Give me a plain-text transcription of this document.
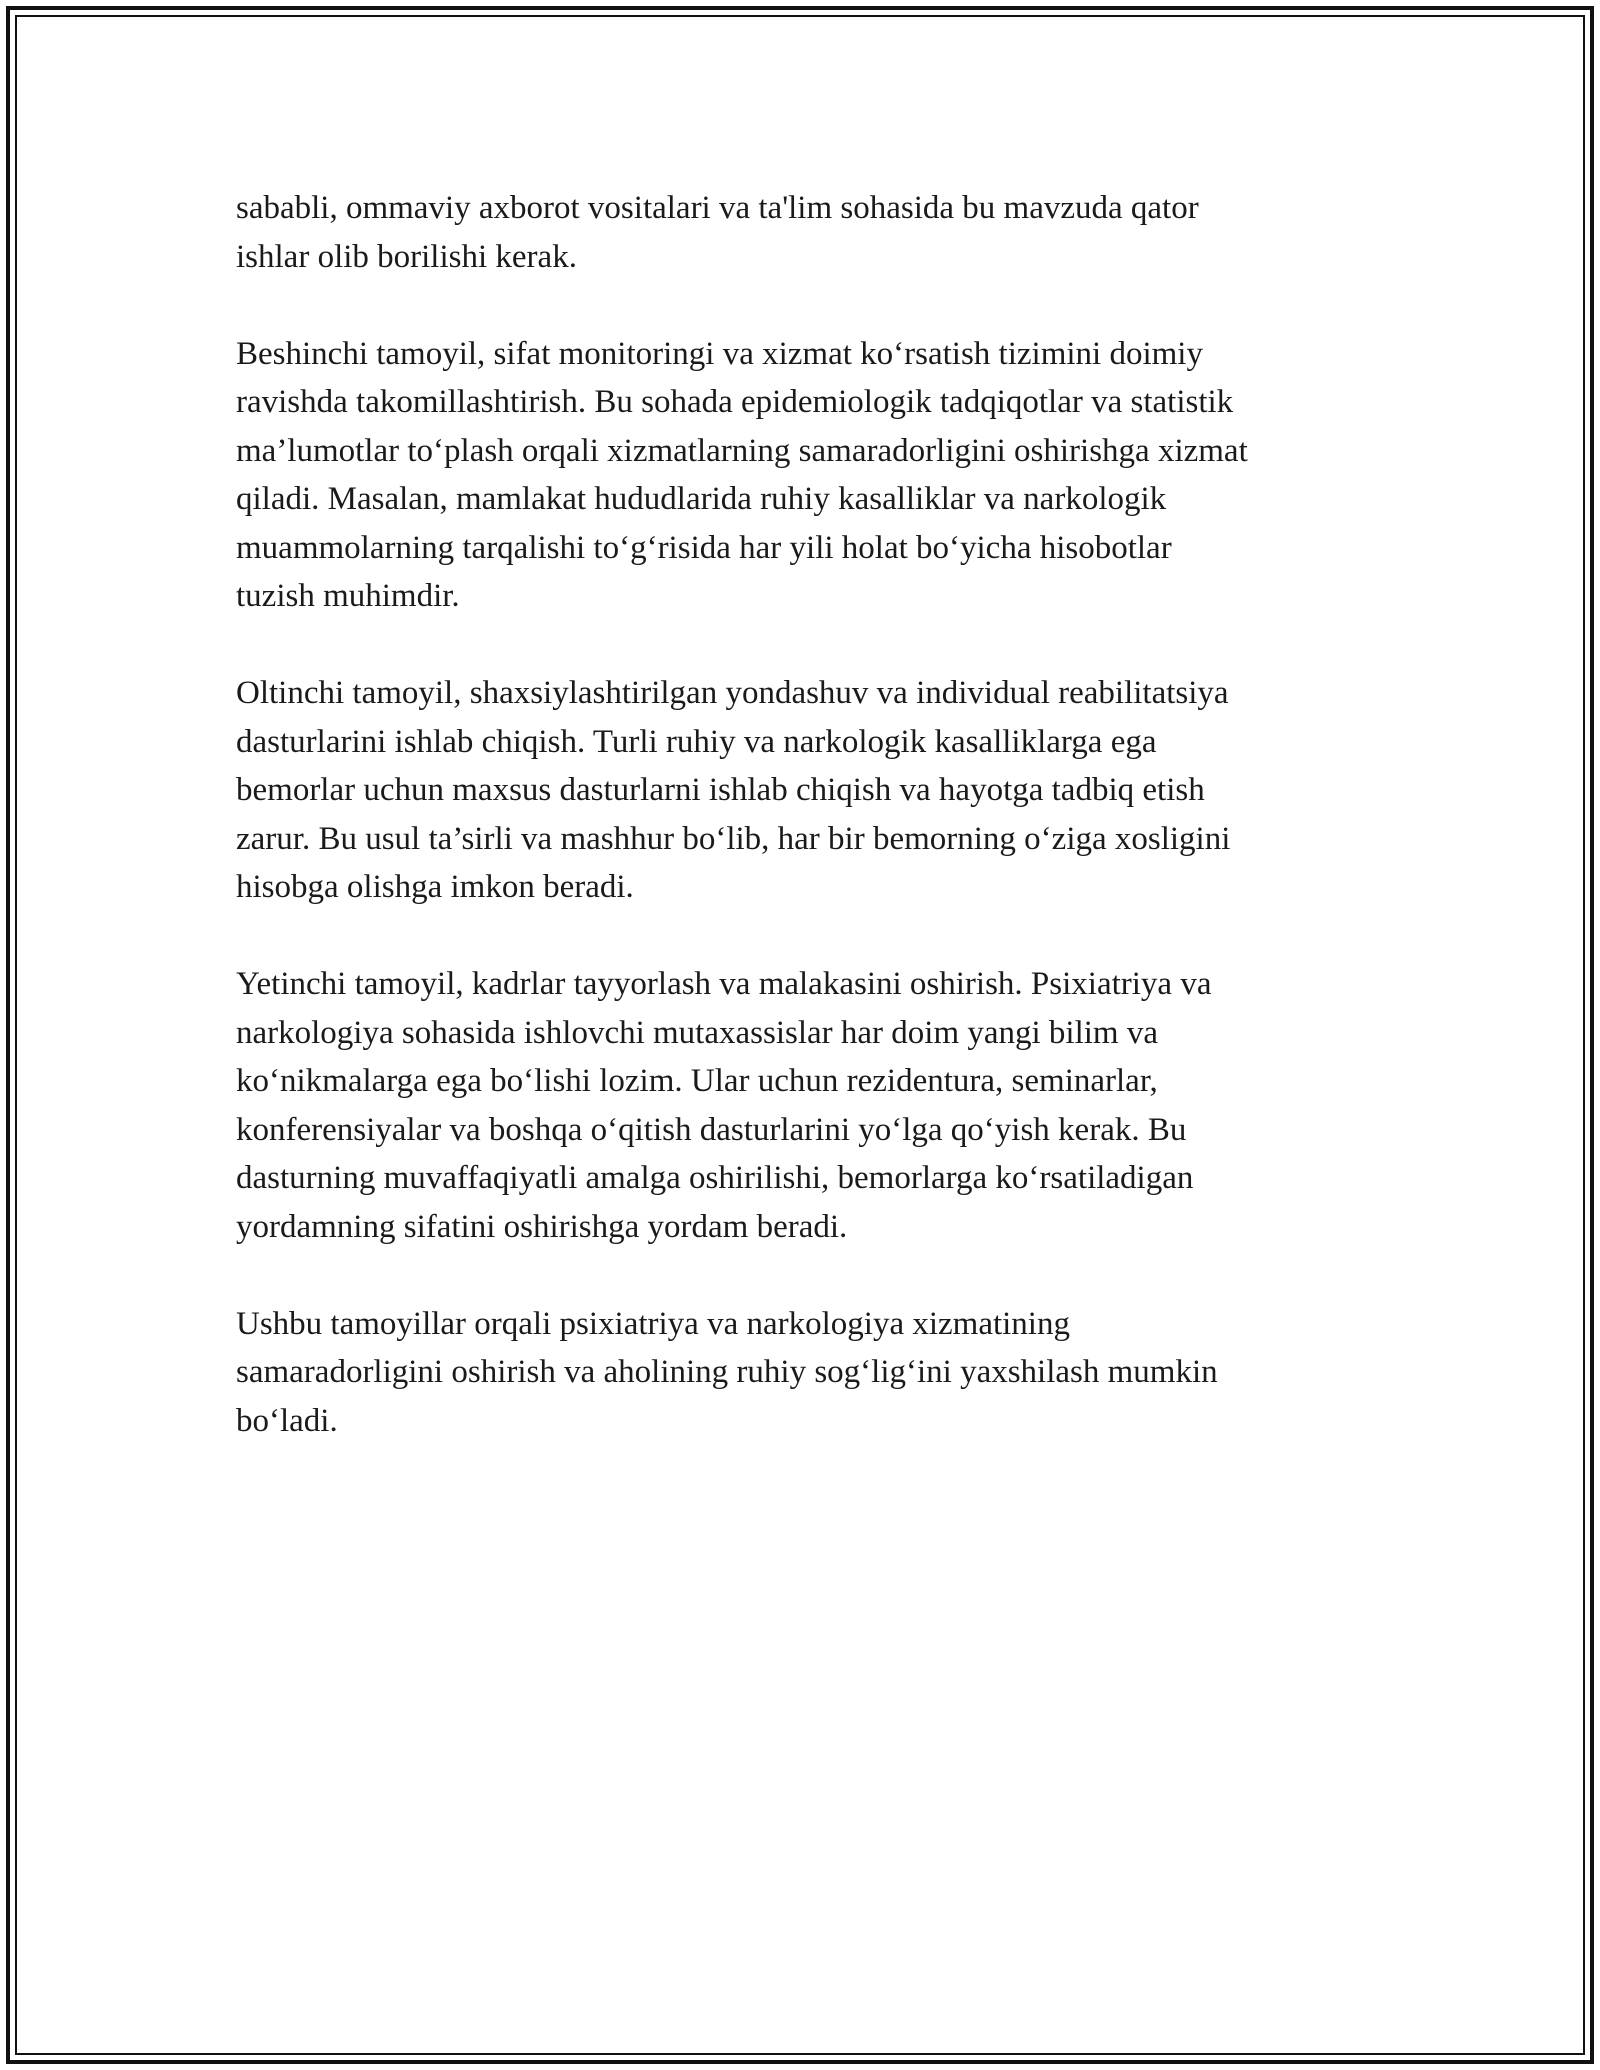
sababli, ommaviy axborot vositalari va ta'lim sohasida bu mavzuda qator
ishlar olib borilishi kerak.

Beshinchi tamoyil, sifat monitoringi va xizmat ko‘rsatish tizimini doimiy
ravishda takomillashtirish. Bu sohada epidemiologik tadqiqotlar va statistik
ma’lumotlar to‘plash orqali xizmatlarning samaradorligini oshirishga xizmat
qiladi. Masalan, mamlakat hududlarida ruhiy kasalliklar va narkologik
muammolarning tarqalishi to‘g‘risida har yili holat bo‘yicha hisobotlar
tuzish muhimdir.

Oltinchi tamoyil, shaxsiylashtirilgan yondashuv va individual reabilitatsiya
dasturlarini ishlab chiqish. Turli ruhiy va narkologik kasalliklarga ega
bemorlar uchun maxsus dasturlarni ishlab chiqish va hayotga tadbiq etish
zarur. Bu usul ta’sirli va mashhur bo‘lib, har bir bemorning o‘ziga xosligini
hisobga olishga imkon beradi.

Yetinchi tamoyil, kadrlar tayyorlash va malakasini oshirish. Psixiatriya va
narkologiya sohasida ishlovchi mutaxassislar har doim yangi bilim va
ko‘nikmalarga ega bo‘lishi lozim. Ular uchun rezidentura, seminarlar,
konferensiyalar va boshqa o‘qitish dasturlarini yo‘lga qo‘yish kerak. Bu
dasturning muvaffaqiyatli amalga oshirilishi, bemorlarga ko‘rsatiladigan
yordamning sifatini oshirishga yordam beradi.

Ushbu tamoyillar orqali psixiatriya va narkologiya xizmatining
samaradorligini oshirish va aholining ruhiy sog‘lig‘ini yaxshilash mumkin
bo‘ladi.
